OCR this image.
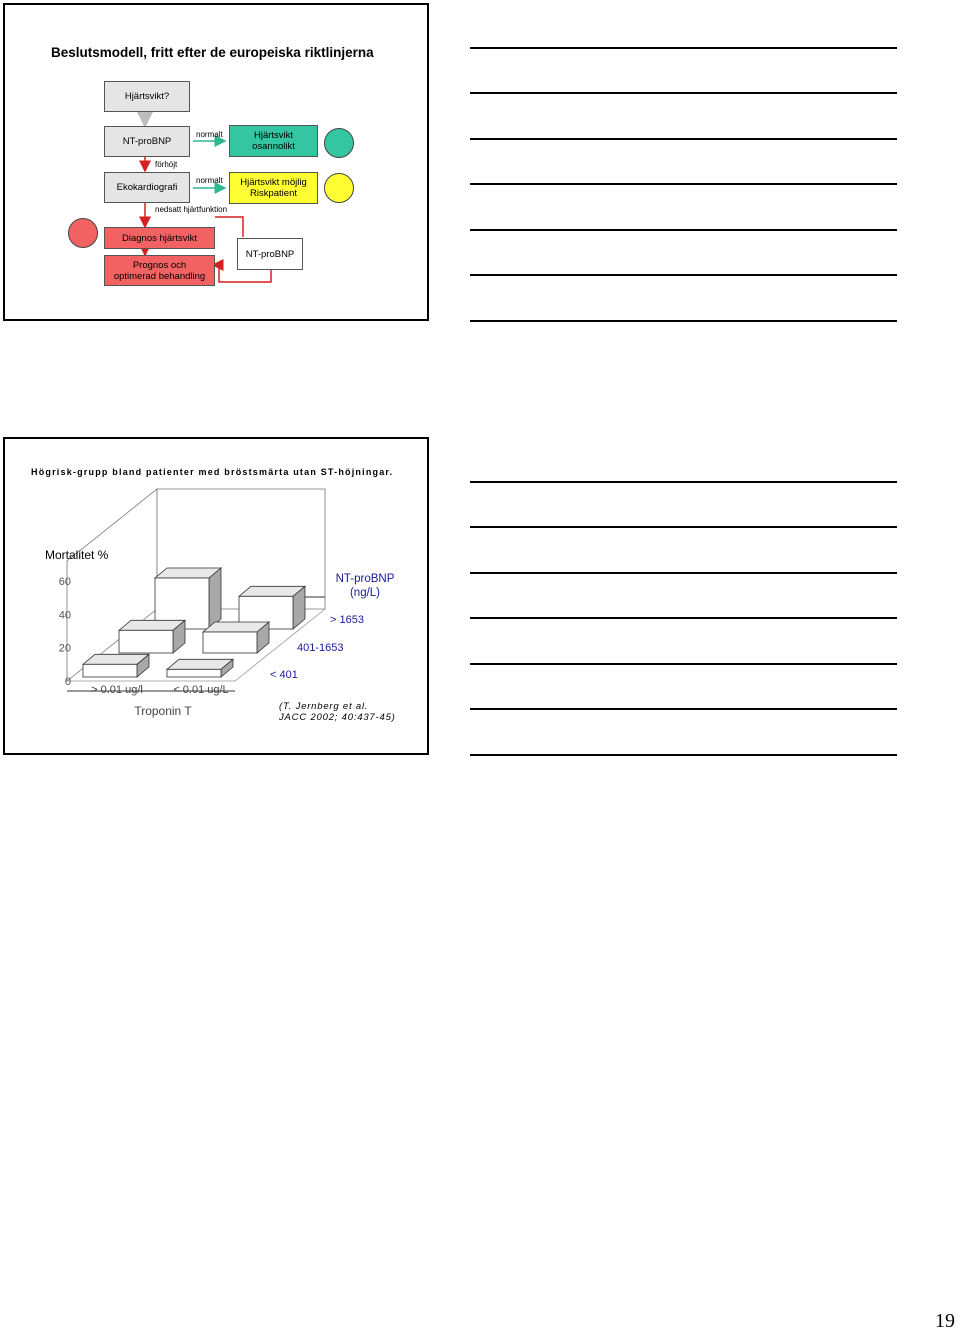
Beslutsmodell, fritt efter de europeiska riktlinjerna
Hjärtsvikt?
NT-proBNP
normalt	Hjärtsvikt
osannolikt
förhöjt
Ekokardiografi
normalt Hjärtsvikt möjlig
Riskpatient
nedsatt hjärtfunktion
Diagnos hjärtsvikt
Prognos och
optimerad behandling
NT-proBNP
Högrisk-grupp bland patienter med bröstsmärta utan ST-höjningar.
Mortalitet %
60
40
20
0
> 0.01 ug/l	< 0.01 ug/L
Troponin T
< 401
401-1653
> 1653
NT-proBNP
(ng/L)
(T. Jernberg et al.
JACC 2002; 40:437-45)
19
